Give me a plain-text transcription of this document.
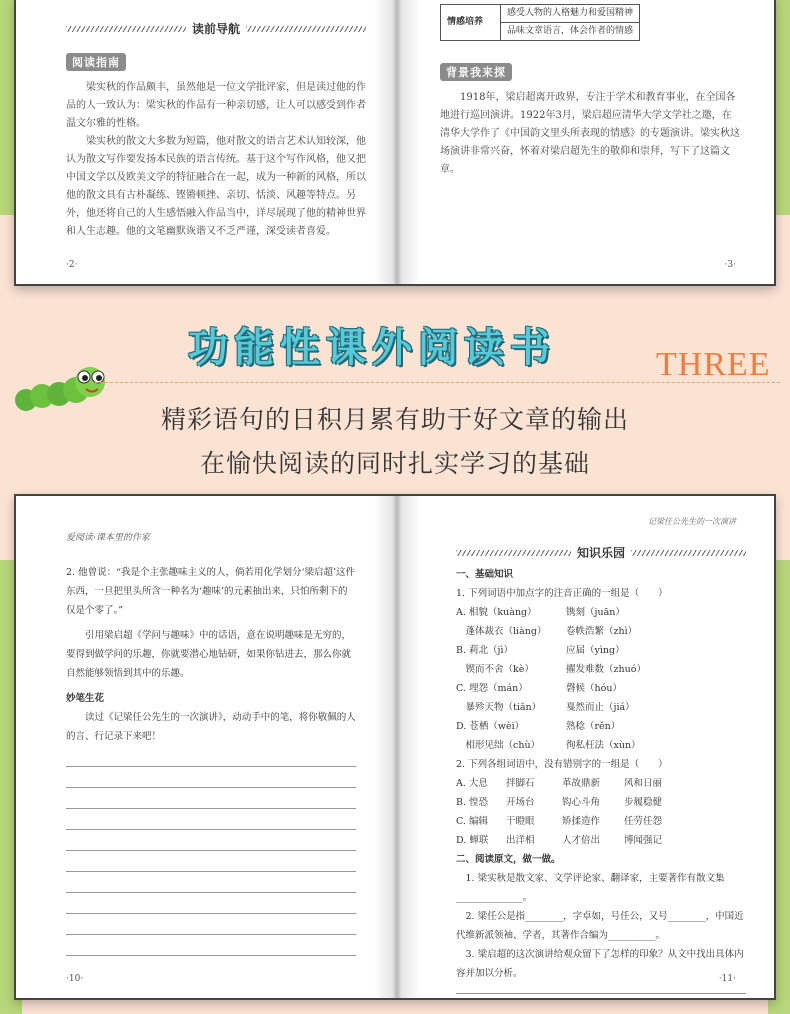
读前导航
阅读指南

梁实秋的作品颇丰，虽然他是一位文学批评家，但是读过他的作品的人一致认为：梁实秋的作品有一种亲切感，让人可以感受到作者温文尔雅的性格。

梁实秋的散文大多数为短篇，他对散文的语言艺术认知较深，他认为散文写作要发扬本民族的语言传统。基于这个写作风格，他又把中国文学以及欧美文学的特征融合在一起，成为一种新的风格，所以他的散文具有古朴凝练、铿锵顿挫、亲切、恬淡、风趣等特点。另外，他还将自己的人生感悟融入作品当中，详尽展现了他的精神世界和人生志趣。他的文笔幽默诙谐又不乏严谨，深受读者喜爱。

·2·
情感培养	感受人物的人格魅力和爱国精神
品味文章语言，体会作者的情感
背景我来探

1918年，梁启超离开政界，专注于学术和教育事业，在全国各地进行巡回演讲。1922年3月，梁启超应清华大学文学社之邀，在清华大学作了《中国韵文里头所表现的情感》的专题演讲。梁实秋这场演讲非常兴奋，怀着对梁启超先生的敬仰和崇拜，写下了这篇文章。

·3·
功能性课外阅读书	THREE
精彩语句的日积月累有助于好文章的输出
在愉快阅读的同时扎实学习的基础
爱阅读·课本里的作家

2. 他曾说：“我是个主张趣味主义的人，倘若用化学划分‘梁启超’这件东西，一旦把里头所含一种名为‘趣味’的元素抽出来，只怕所剩下的仅是个零了。”

引用梁启超《学问与趣味》中的话语，意在说明趣味是无穷的，要得到做学问的乐趣，你就要潜心地钻研，如果你钻进去，那么你就自然能够领悟到其中的乐趣。

妙笔生花

读过《记梁任公先生的一次演讲》，动动手中的笔，将你敬佩的人的言、行记录下来吧！

·10·
记梁任公先生的一次演讲
知识乐园

一、基础知识

1. 下列词语中加点字的注音正确的一组是（　　）

A. 相貌（kuàng）	镌刻（juān）
　蓬体裁衣（liàng）	卷帙浩繁（zhì）
B. 莉北（jì）	应届（yìng）
　锲而不舍（kè）	擢发难数（zhuó）
C. 埋怨（mán）	磬候（hóu）
　暴殄天物（tiǎn）	戛然而止（jiá）
D. 苍栖（wèi）	熟稔（rěn）
　相形见绌（chù）	徇私枉法（xùn）

2. 下列各组词语中，没有错别字的一组是（　　）

A. 大息	拌脚石	革故鼎新	风和日丽
B. 惶恐	开场台	钩心斗角	步履稳健
C. 编辑	干瞪眼	矫揉造作	任劳任怨
D. 蝉联	出洋相	人才倍出	博闻强记

二、阅读原文，做一做。

1. 梁实秋是散文家、文学评论家、翻译家，主要著作有散文集

______________。

2. 梁任公是指________，字卓如，号任公，又号________，中国近代维新派领袖、学者，其著作合编为__________。

3. 梁启超的这次演讲给观众留下了怎样的印象？从文中找出具体内容并加以分析。	·11·
